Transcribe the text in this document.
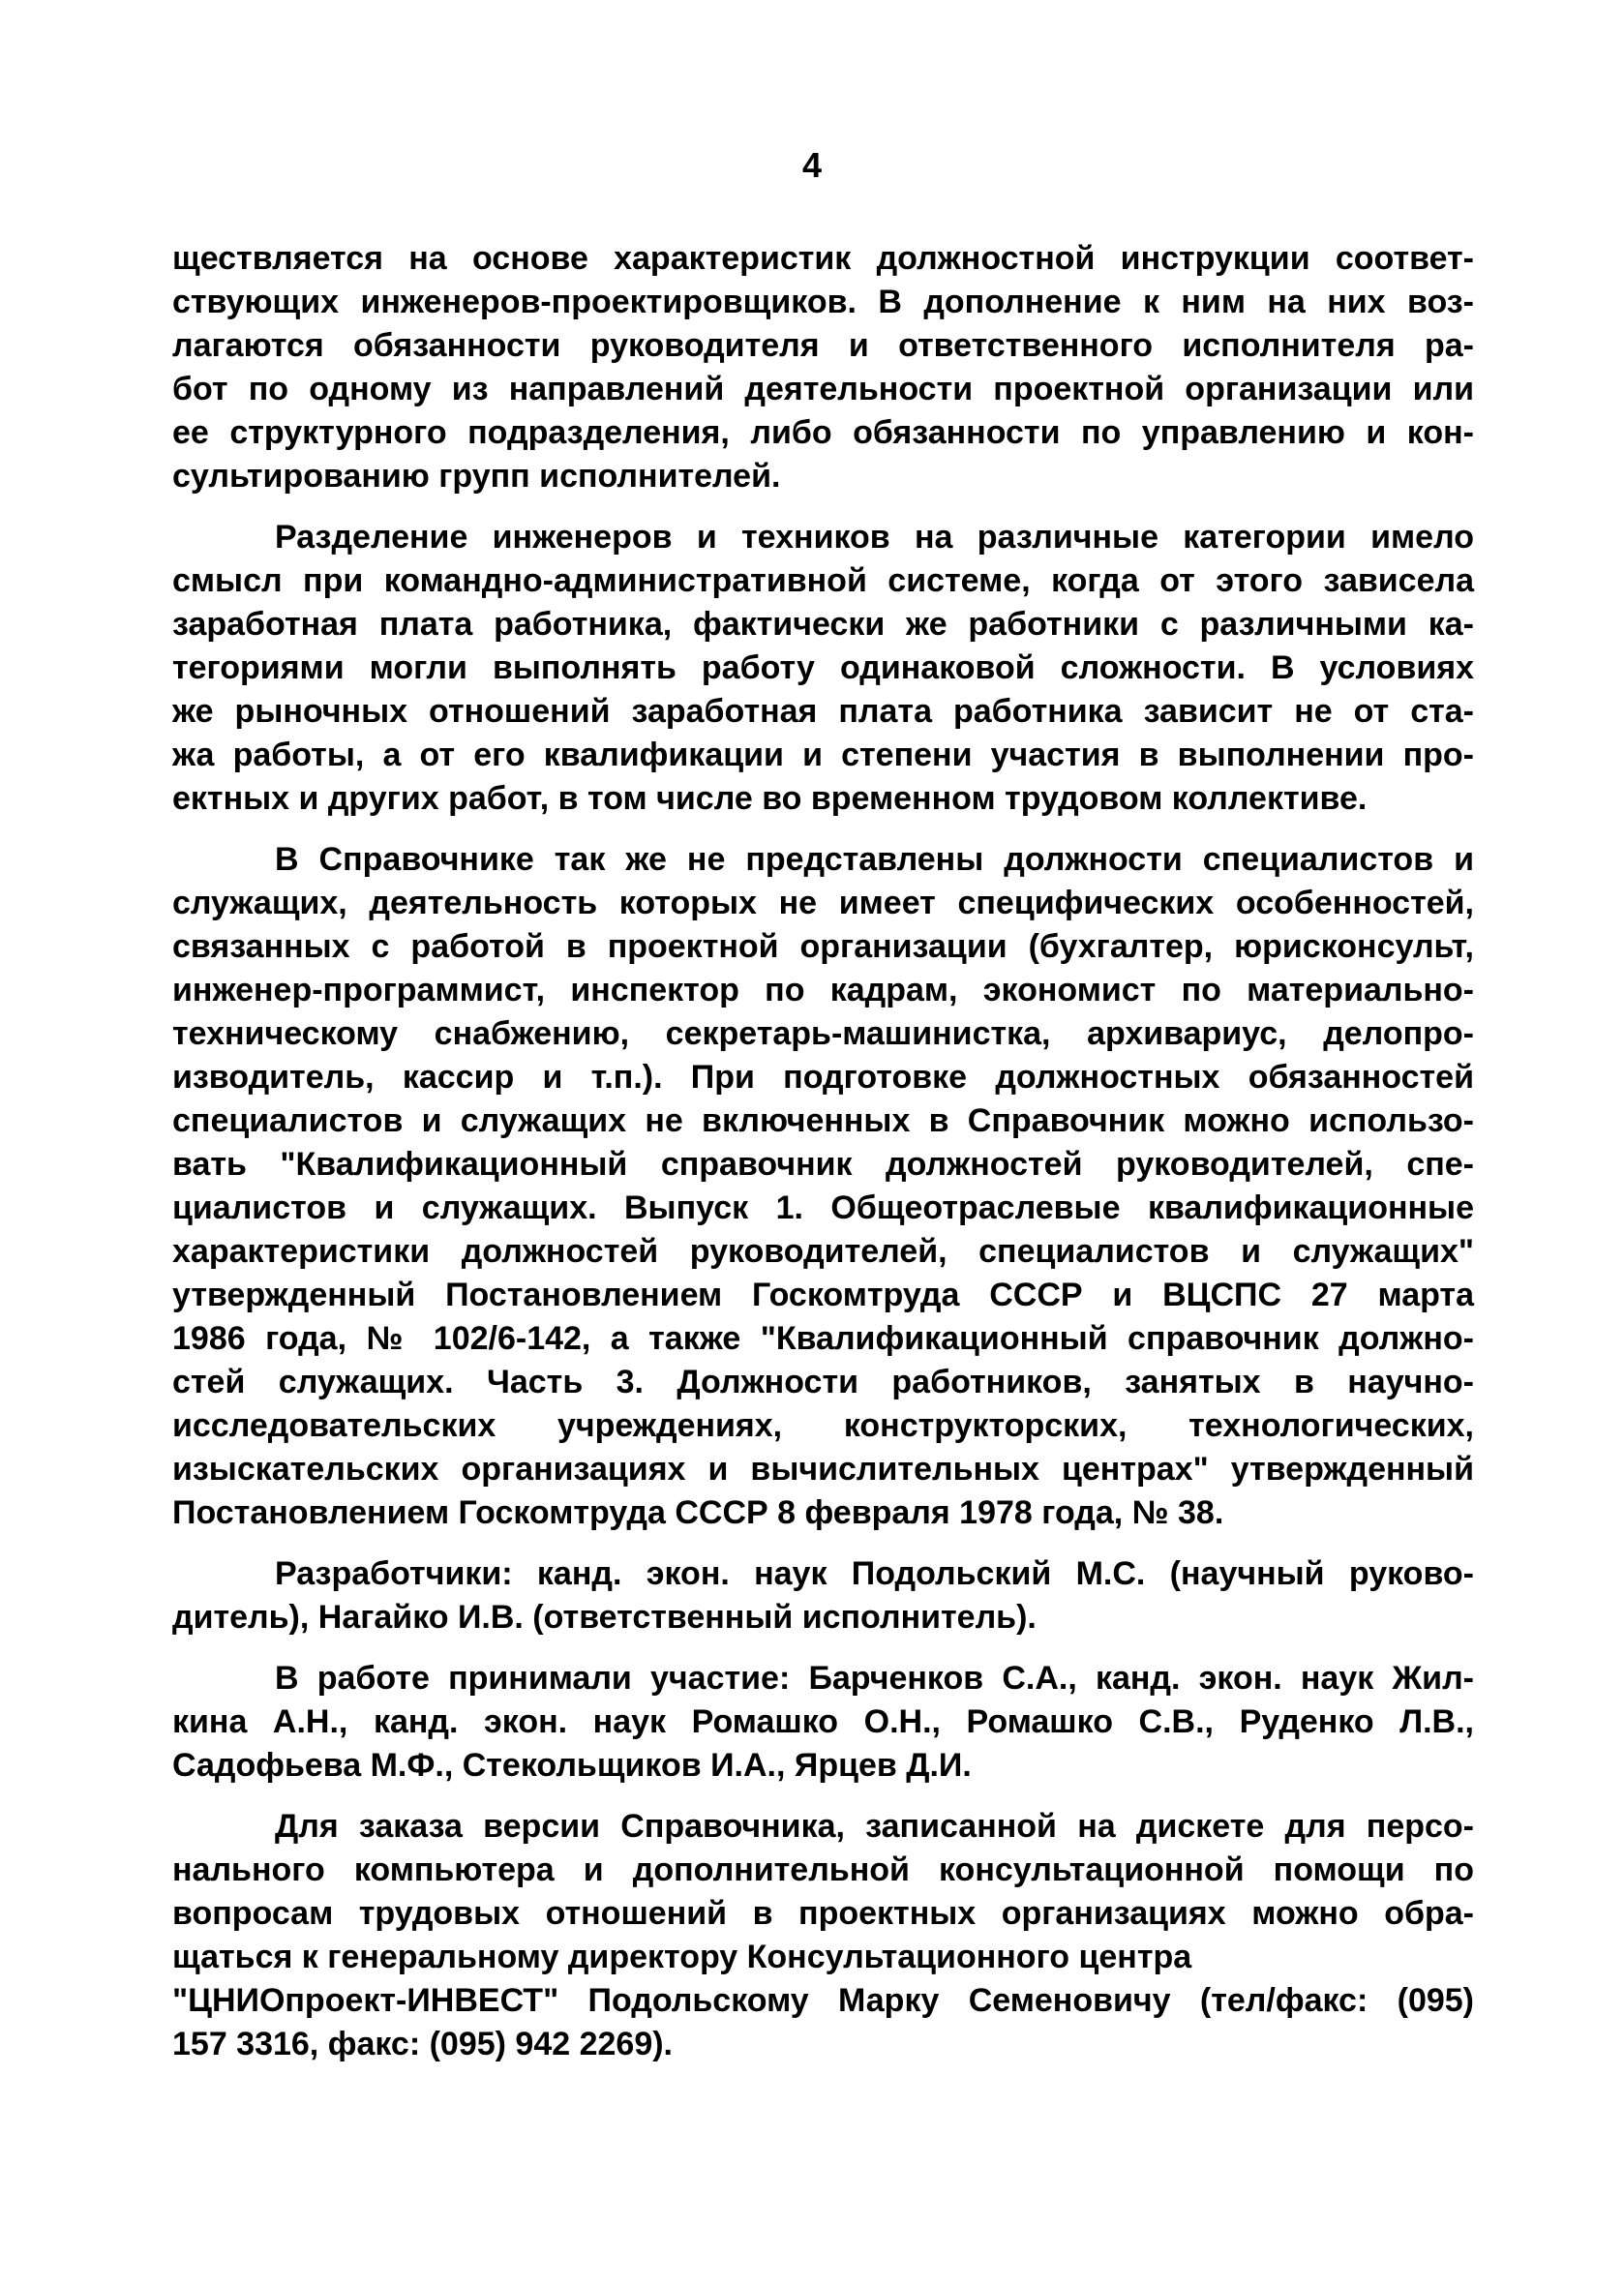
4
ществляется на основе характеристик должностной инструкции соответ-
ствующих инженеров-проектировщиков. В дополнение к ним на них воз-
лагаются обязанности руководителя и ответственного исполнителя ра-
бот по одному из направлений деятельности проектной организации или
ее структурного подразделения, либо обязанности по управлению и кон-
сультированию групп исполнителей.
Разделение инженеров и техников на различные категории имело
смысл при командно-административной системе, когда от этого зависела
заработная плата работника, фактически же работники с различными ка-
тегориями могли выполнять работу одинаковой сложности. В условиях
же рыночных отношений заработная плата работника зависит не от ста-
жа работы, а от его квалификации и степени участия в выполнении про-
ектных и других работ, в том числе во временном трудовом коллективе.
В Справочнике так же не представлены должности специалистов и
служащих, деятельность которых не имеет специфических особенностей,
связанных с работой в проектной организации (бухгалтер, юрисконсульт,
инженер-программист, инспектор по кадрам, экономист по материально-
техническому снабжению, секретарь-машинистка, архивариус, делопро-
изводитель, кассир и т.п.). При подготовке должностных обязанностей
специалистов и служащих не включенных в Справочник можно использо-
вать "Квалификационный справочник должностей руководителей, спе-
циалистов и служащих. Выпуск 1. Общеотраслевые квалификационные
характеристики должностей руководителей, специалистов и служащих"
утвержденный Постановлением Госкомтруда СССР и ВЦСПС 27 марта
1986 года, № 102/6-142, а также "Квалификационный справочник должно-
стей служащих. Часть 3. Должности работников, занятых в научно-
исследовательских учреждениях, конструкторских, технологических,
изыскательских организациях и вычислительных центрах" утвержденный
Постановлением Госкомтруда СССР 8 февраля 1978 года, № 38.
Разработчики: канд. экон. наук Подольский М.С. (научный руково-
дитель), Нагайко И.В. (ответственный исполнитель).
В работе принимали участие: Барченков С.А., канд. экон. наук Жил-
кина А.Н., канд. экон. наук Ромашко О.Н., Ромашко С.В., Руденко Л.В.,
Садофьева М.Ф., Стекольщиков И.А., Ярцев Д.И.
Для заказа версии Справочника, записанной на дискете для персо-
нального компьютера и дополнительной консультационной помощи по
вопросам трудовых отношений в проектных организациях можно обра-
щаться к генеральному директору Консультационного центра
"ЦНИОпроект-ИНВЕСТ" Подольскому Марку Семеновичу (тел/факс: (095)
157 3316, факс: (095) 942 2269).
